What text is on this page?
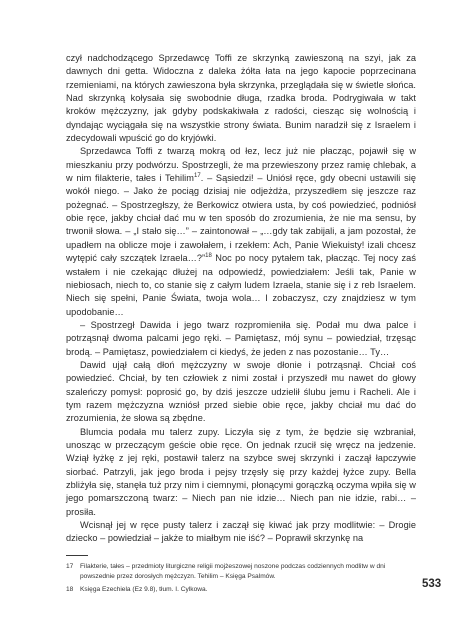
czył nadchodzącego Sprzedawcę Toffi ze skrzynką zawieszoną na szyi, jak za dawnych dni getta. Widoczna z daleka żółta łata na jego kapocie poprzecinana rzemieniami, na których zawieszona była skrzynka, przeglądała się w świetle słońca. Nad skrzynką kołysała się swobodnie długa, rzadka broda. Podrygiwała w takt kroków mężczyzny, jak gdyby podskakiwała z radości, ciesząc się wolnością i dyndając wyciągała się na wszystkie strony świata. Bunim naradził się z Israelem i zdecydowali wpuścić go do kryjówki.

Sprzedawca Toffi z twarzą mokrą od łez, lecz już nie płacząc, pojawił się w mieszkaniu przy podwórzu. Spostrzegli, że ma przewieszony przez ramię chlebak, a w nim filakterie, tałes i Tehilim$^{17}$. – Sąsiedzi! – Uniósł ręce, gdy obecni ustawili się wokół niego. – Jako że pociąg dzisiaj nie odjeżdża, przyszedłem się jeszcze raz pożegnać. – Spostrzegłszy, że Berkowicz otwiera usta, by coś powiedzieć, podniósł obie ręce, jakby chciał dać mu w ten sposób do zrozumienia, że nie ma sensu, by trwonił słowa. – „I stało się…” – zaintonował – „…gdy tak zabijali, a jam pozostał, że upadłem na oblicze moje i zawołałem, i rzekłem: Ach, Panie Wiekuisty! izali chcesz wytępić cały szczątek Izraela…?”$^{18}$ Noc po nocy pytałem tak, płacząc. Tej nocy zaś wstałem i nie czekając dłużej na odpowiedź, powiedziałem: Jeśli tak, Panie w niebiosach, niech to, co stanie się z całym ludem Izraela, stanie się i z reb Israelem. Niech się spełni, Panie Świata, twoja wola… I zobaczysz, czy znajdziesz w tym upodobanie…

– Spostrzegł Dawida i jego twarz rozpromieniła się. Podał mu dwa palce i potrząsnął dwoma palcami jego ręki. – Pamiętasz, mój synu – powiedział, trzęsąc brodą. – Pamiętasz, powiedziałem ci kiedyś, że jeden z nas pozostanie… Ty…

Dawid ujął całą dłoń mężczyzny w swoje dłonie i potrząsnął. Chciał coś powiedzieć. Chciał, by ten człowiek z nimi został i przyszedł mu nawet do głowy szaleńczy pomysł: poprosić go, by dziś jeszcze udzielił ślubu jemu i Racheli. Ale i tym razem mężczyzna wzniósł przed siebie obie ręce, jakby chciał mu dać do zrozumienia, że słowa są zbędne.

Blumcia podała mu talerz zupy. Liczyła się z tym, że będzie się wzbraniał, unosząc w przeczącym geście obie ręce. On jednak rzucił się wręcz na jedzenie. Wziął łyżkę z jej ręki, postawił talerz na szybce swej skrzynki i zaczął łapczywie siorbać. Patrzyli, jak jego broda i pejsy trzęsły się przy każdej łyżce zupy. Bella zbliżyła się, stanęła tuż przy nim i ciemnymi, płonącymi gorączką oczyma wpiła się w jego pomarszczoną twarz: – Niech pan nie idzie… Niech pan nie idzie, rabi… – prosiła.

Wcisnął jej w ręce pusty talerz i zaczął się kiwać jak przy modlitwie: – Drogie dziecko – powiedział – jakże to miałbym nie iść? – Poprawił skrzynkę na

17	Filakterie, tałes – przedmioty liturgiczne religii mojżeszowej noszone podczas codziennych modlitw w dni powszednie przez dorosłych mężczyzn. Tehilim – Księga Psalmów.
18	Księga Ezechiela (Ez 9.8), tłum. I. Cylkowa.	533
